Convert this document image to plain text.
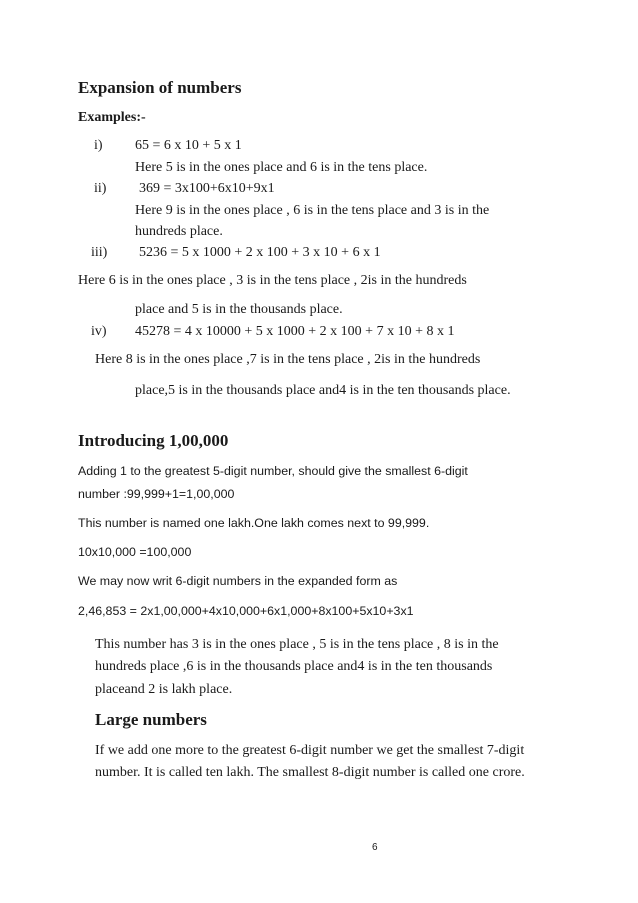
Expansion of numbers
Examples:-
i) 65 = 6 x 10 + 5 x 1
Here 5 is in the ones place and 6 is in the tens place.
ii) 369 = 3x100+6x10+9x1
Here 9 is in the ones place , 6 is in the tens place and 3 is in the
hundreds place.
iii) 5236 = 5 x 1000 + 2 x 100 + 3 x 10 + 6 x 1
Here 6 is in the ones place , 3 is in the tens place , 2is in the hundreds
place and 5 is in the thousands place.
iv) 45278 = 4 x 10000 + 5 x 1000 + 2 x 100 + 7 x 10 + 8 x 1
Here 8 is in the ones place ,7 is in the tens place , 2is in the hundreds
place,5 is in the thousands place and4 is in the ten thousands place.
Introducing 1,00,000
Adding 1 to the greatest 5-digit number, should give the smallest 6-digit
number :99,999+1=1,00,000
This number is named one lakh.One lakh comes next to 99,999.
10x10,000 =100,000
We may now writ 6-digit numbers in the expanded form as
2,46,853 = 2x1,00,000+4x10,000+6x1,000+8x100+5x10+3x1
This number has 3 is in the ones place , 5 is in the tens place , 8 is in the
hundreds place ,6 is in the thousands place and4 is in the ten thousands
placeand 2 is lakh place.
Large numbers
If we add one more to the greatest 6-digit number we get the smallest 7-digit
number. It is called ten lakh. The smallest 8-digit number is called one crore.
6
